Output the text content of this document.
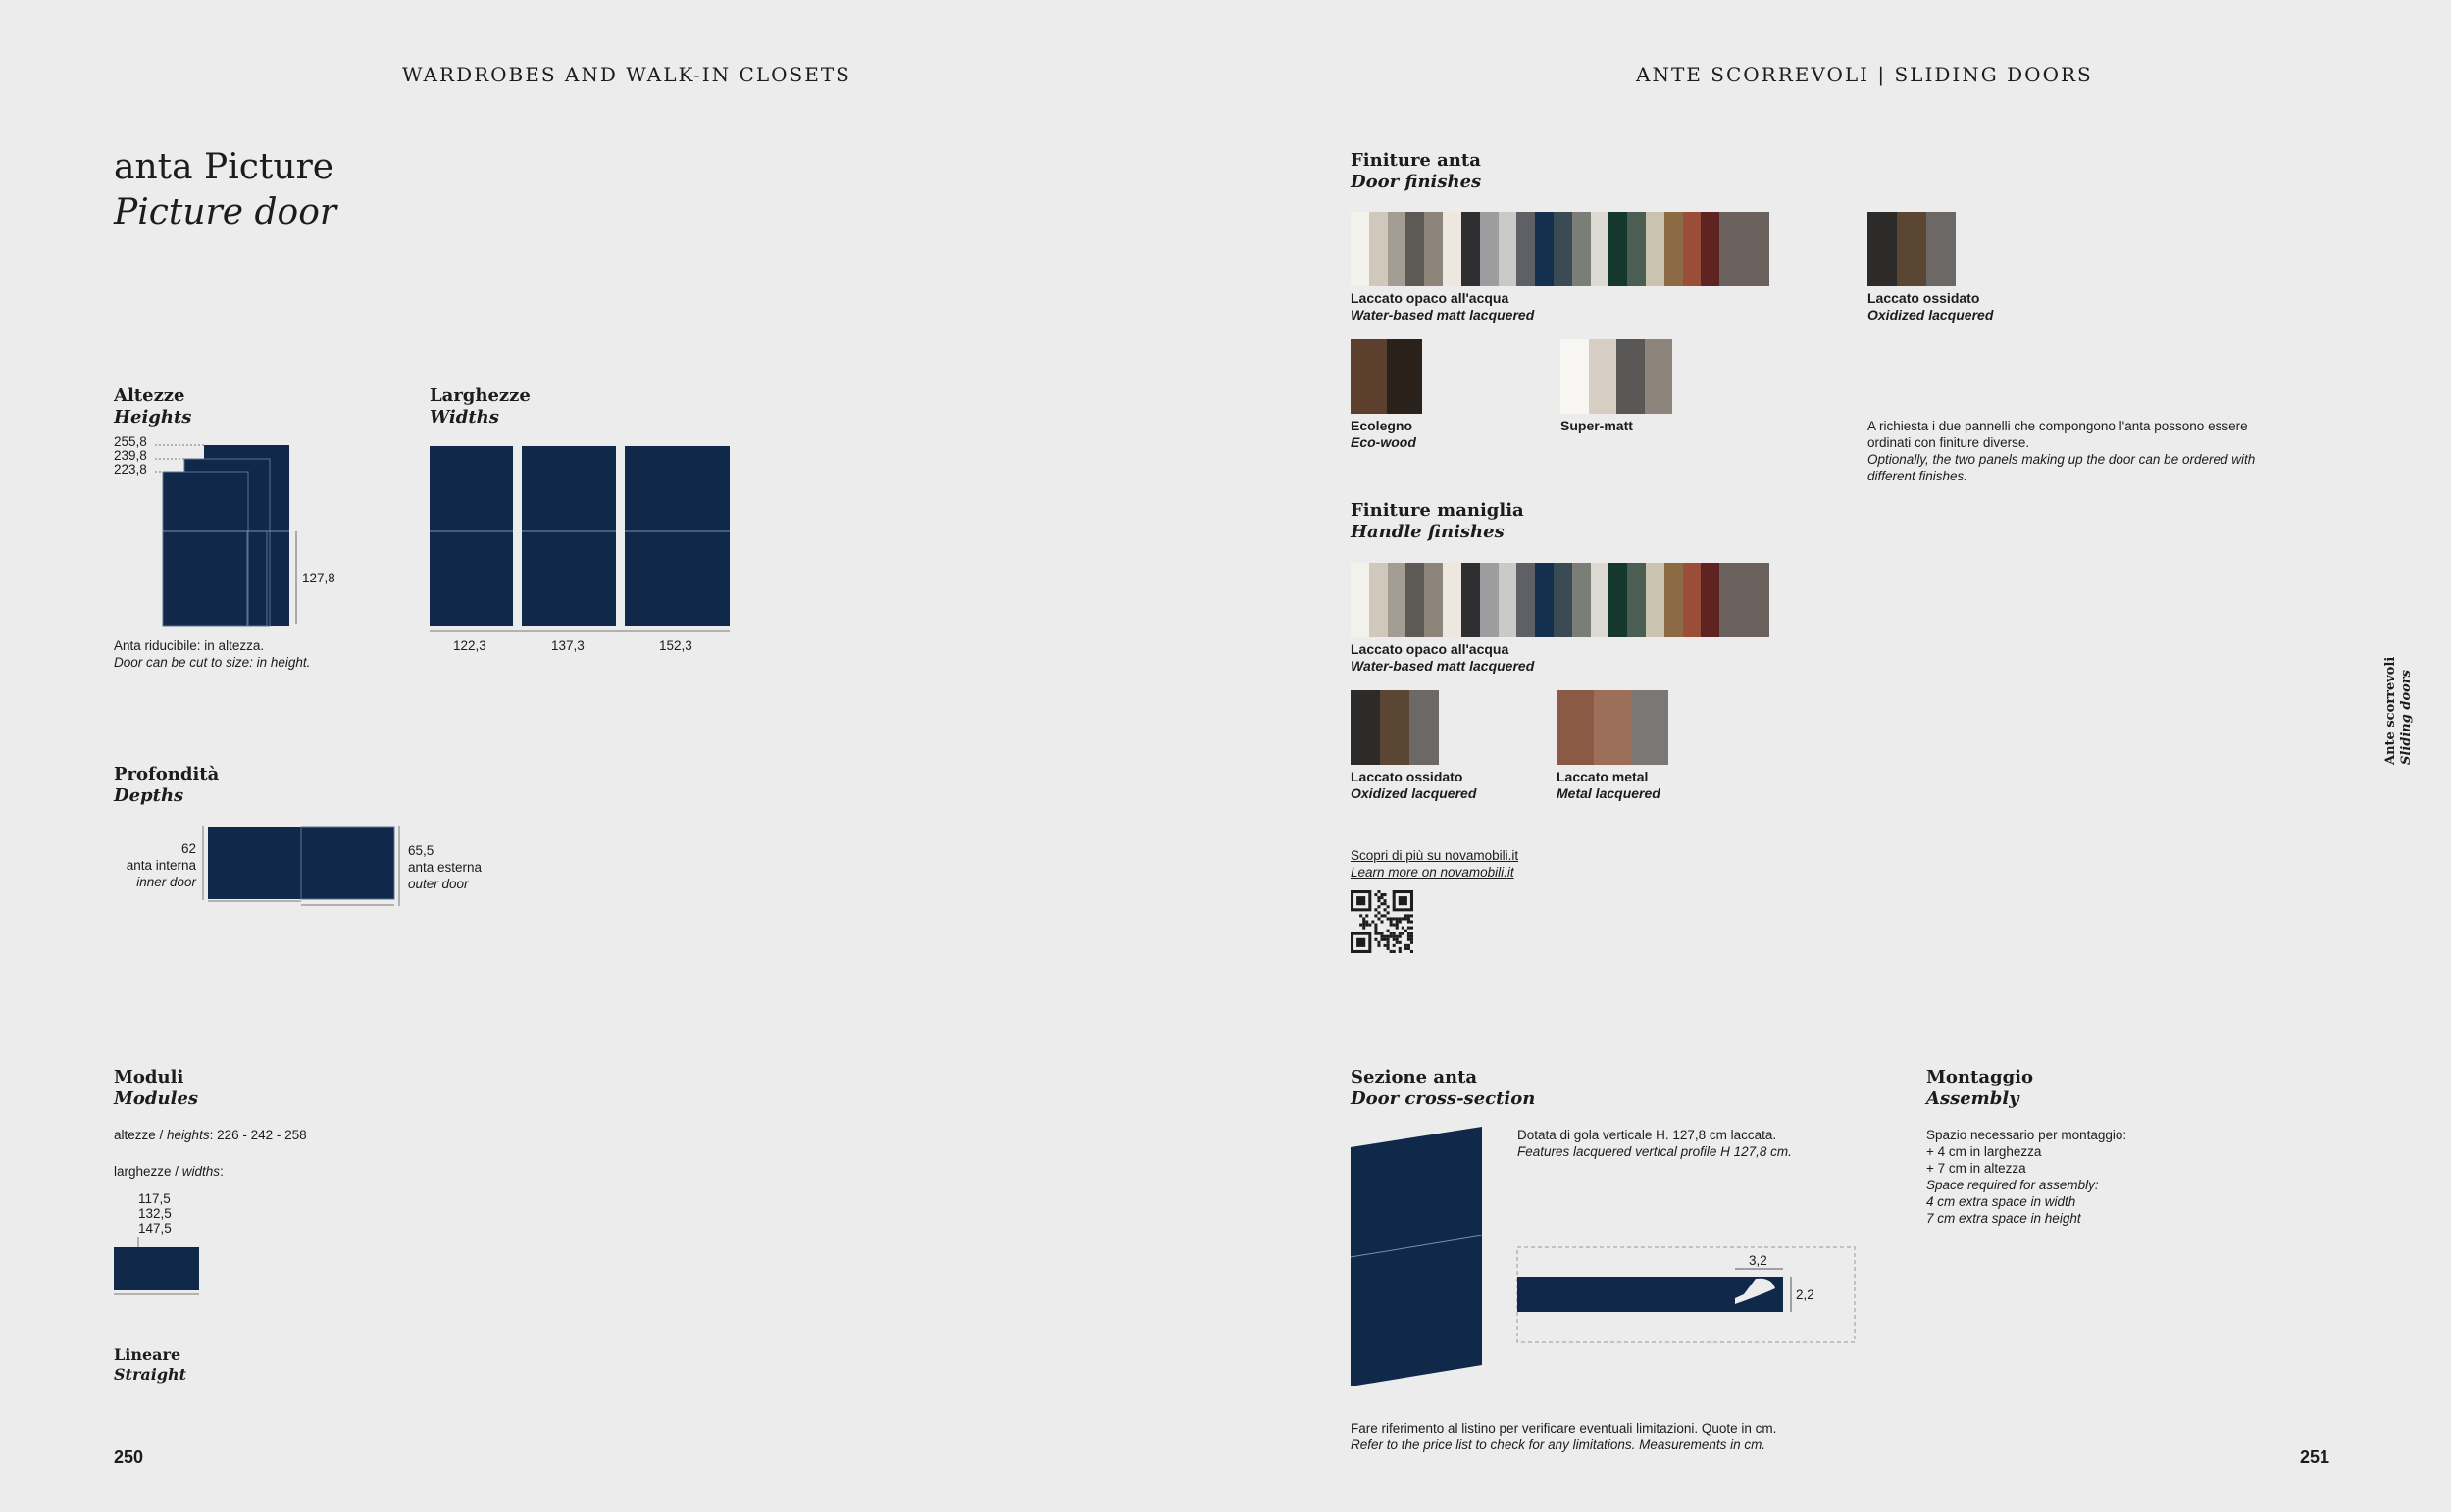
WARDROBES AND WALK-IN CLOSETS	ANTE SCORREVOLI | SLIDING DOORS
anta Picture
Picture door
Altezze
Heights
255,8
239,8
223,8
127,8
Anta riducibile: in altezza.
Door can be cut to size: in height.
Larghezze
Widths
122,3	137,3	152,3
Profondità
Depths
62
anta interna
inner door
65,5
anta esterna
outer door
Moduli
Modules
altezze / heights: 226 - 242 - 258
larghezze / widths:
117,5
132,5
147,5
Lineare
Straight
250	251
Finiture anta
Door finishes
Laccato opaco all'acqua
Water-based matt lacquered
Laccato ossidato
Oxidized lacquered
Ecolegno
Eco-wood
Super-matt	A richiesta i due pannelli che compongono l'anta possono essere ordinati con finiture diverse.
Optionally, the two panels making up the door can be ordered with different finishes.
Finiture maniglia
Handle finishes
Laccato opaco all'acqua
Water-based matt lacquered
Laccato ossidato
Oxidized lacquered
Laccato metal
Metal lacquered
Scopri di più su novamobili.it
Learn more on novamobili.it
Sezione anta
Door cross-section
3,2
2,2
Dotata di gola verticale H. 127,8 cm laccata.
Features lacquered vertical profile H 127,8 cm.
Montaggio
Assembly
Spazio necessario per montaggio:
+ 4 cm in larghezza
+ 7 cm in altezza
Space required for assembly:
4 cm extra space in width
7 cm extra space in height
Fare riferimento al listino per verificare eventuali limitazioni. Quote in cm.
Refer to the price list to check for any limitations. Measurements in cm.
Ante scorrevoli Sliding doors
